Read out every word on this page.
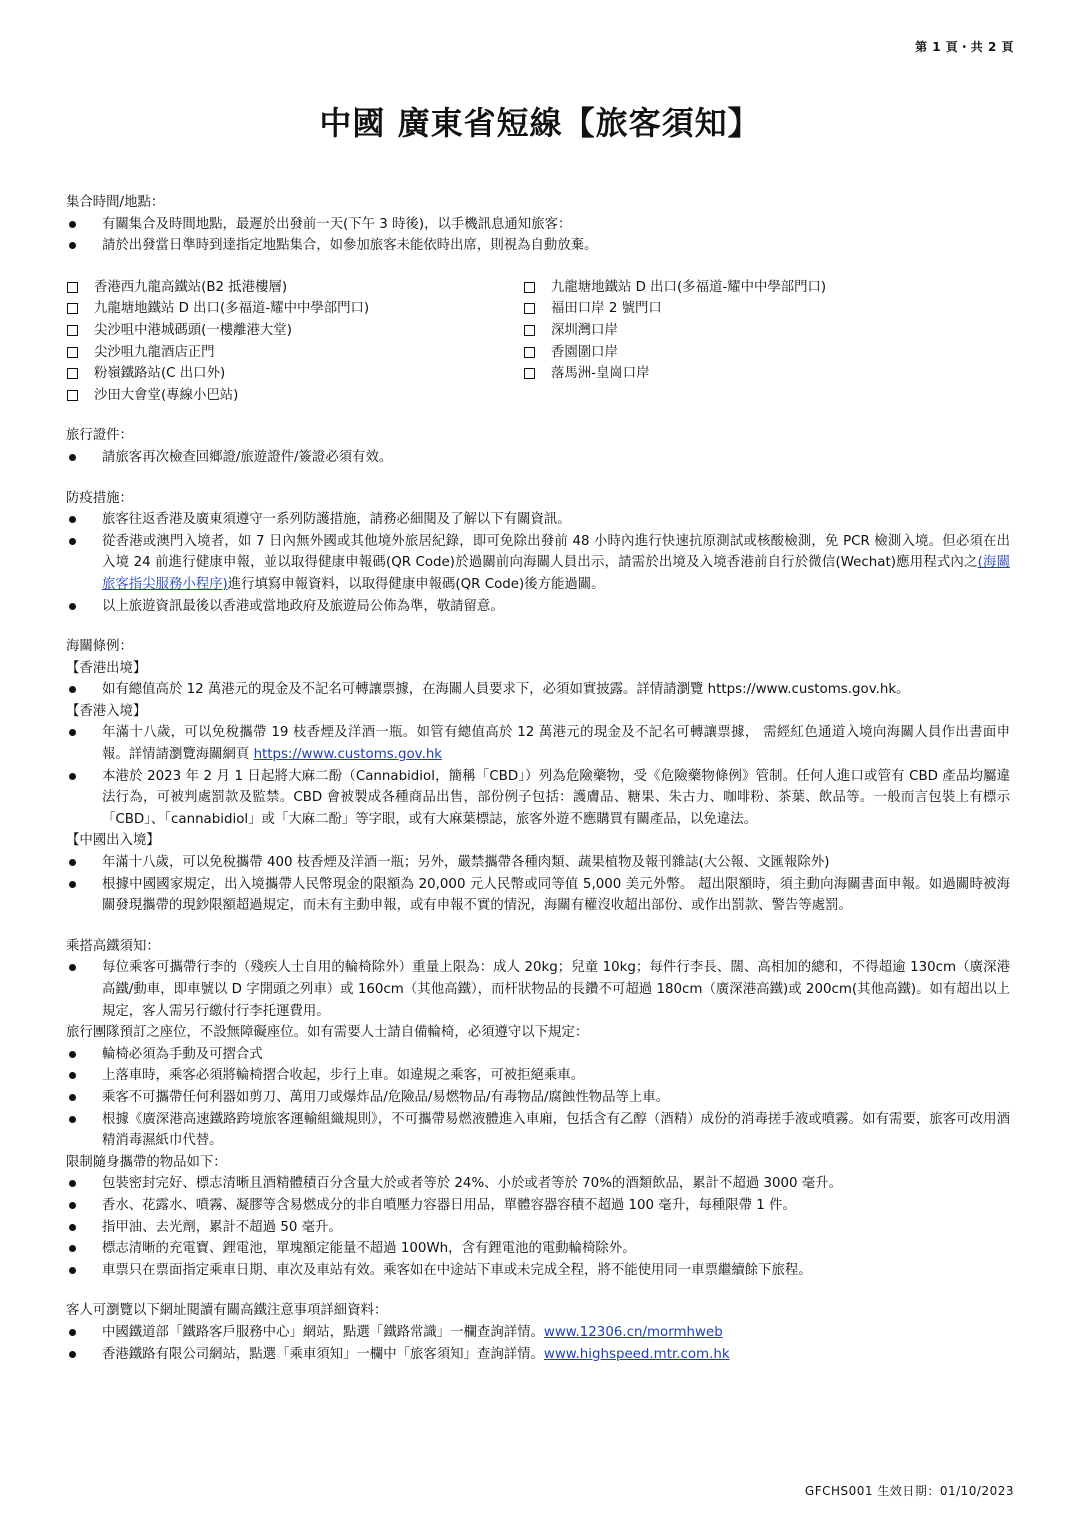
第 1 頁・共 2 頁
中國 廣東省短線【旅客須知】

集合時間/地點：

有關集合及時間地點，最遲於出發前一天(下午 3 時後)，以手機訊息通知旅客：
請於出發當日準時到達指定地點集合，如參加旅客未能依時出席，則視為自動放棄。
香港西九龍高鐵站(B2 抵港樓層)
九龍塘地鐵站 D 出口(多福道-耀中中學部門口)
尖沙咀中港城碼頭(一樓離港大堂)
尖沙咀九龍酒店正門
粉嶺鐵路站(C 出口外)
沙田大會堂(專線小巴站)
九龍塘地鐵站 D 出口(多福道-耀中中學部門口)
福田口岸 2 號門口
深圳灣口岸
香園圍口岸
落馬洲-皇崗口岸

旅行證件：

請旅客再次檢查回鄉證/旅遊證件/簽證必須有效。

防疫措施：

旅客往返香港及廣東須遵守一系列防護措施，請務必細閱及了解以下有關資訊。
從香港或澳門入境者，如 7 日內無外國或其他境外旅居紀錄，即可免除出發前 48 小時內進行快速抗原測試或核酸檢測，免 PCR 檢測入境。但必須在出入境 24 前進行健康申報，並以取得健康申報碼(QR Code)於過關前向海關人員出示，請需於出境及入境香港前自行於微信(Wechat)應用程式內之(海關旅客指尖服務小程序)進行填寫申報資料，以取得健康申報碼(QR Code)後方能過關。
以上旅遊資訊最後以香港或當地政府及旅遊局公佈為準，敬請留意。

海關條例：

【香港出境】

如有總值高於 12 萬港元的現金及不記名可轉讓票據，在海關人員要求下，必須如實披露。詳情請瀏覽 https://www.customs.gov.hk。

【香港入境】

年滿十八歲，可以免稅攜帶 19 枝香煙及洋酒一瓶。如管有總值高於 12 萬港元的現金及不記名可轉讓票據， 需經紅色通道入境向海關人員作出書面申報。詳情請瀏覽海關網頁 https://www.customs.gov.hk
本港於 2023 年 2 月 1 日起將大麻二酚（Cannabidiol，簡稱「CBD」）列為危險藥物，受《危險藥物條例》管制。任何人進口或管有 CBD 產品均屬違法行為，可被判處罰款及監禁。CBD 會被製成各種商品出售，部份例子包括：護膚品、糖果、朱古力、咖啡粉、茶葉、飲品等。一般而言包裝上有標示「CBD」、「cannabidiol」或「大麻二酚」等字眼，或有大麻葉標誌，旅客外遊不應購買有關產品，以免違法。

【中國出入境】

年滿十八歲，可以免稅攜帶 400 枝香煙及洋酒一瓶；另外，嚴禁攜帶各種肉類、蔬果植物及報刊雜誌(大公報、文匯報除外)
根據中國國家規定，出入境攜帶人民幣現金的限額為 20,000 元人民幣或同等值 5,000 美元外幣。 超出限額時，須主動向海關書面申報。如過關時被海關發現攜帶的現鈔限額超過規定，而未有主動申報，或有申報不實的情況，海關有權沒收超出部份、或作出罰款、警告等處罰。

乘搭高鐵須知：

每位乘客可攜帶行李的（殘疾人士自用的輪椅除外）重量上限為：成人 20kg；兒童 10kg；每件行李長、闊、高相加的總和，不得超逾 130cm（廣深港高鐵/動車，即車號以 D 字開頭之列車）或 160cm（其他高鐵），而杆狀物品的長鑽不可超過 180cm（廣深港高鐵)或 200cm(其他高鐵)。如有超出以上規定，客人需另行繳付行李托運費用。

旅行團隊預訂之座位，不設無障礙座位。如有需要人士請自備輪椅，必須遵守以下規定：

輪椅必須為手動及可摺合式
上落車時，乘客必須將輪椅摺合收起，步行上車。如違規之乘客，可被拒絕乘車。
乘客不可攜帶任何利器如剪刀、萬用刀或爆炸品/危險品/易燃物品/有毒物品/腐蝕性物品等上車。
根據《廣深港高速鐵路跨境旅客運輸組織規則》，不可攜帶易燃液體進入車廂，包括含有乙醇（酒精）成份的消毒搓手液或噴霧。如有需要，旅客可改用酒精消毒濕紙巾代替。

限制隨身攜帶的物品如下：

包裝密封完好、標志清晰且酒精體積百分含量大於或者等於 24%、小於或者等於 70%的酒類飲品，累計不超過 3000 毫升。
香水、花露水、噴霧、凝膠等含易燃成分的非自噴壓力容器日用品，單體容器容積不超過 100 毫升，每種限帶 1 件。
指甲油、去光劑，累計不超過 50 毫升。
標志清晰的充電寶、鋰電池，單塊額定能量不超過 100Wh，含有鋰電池的電動輪椅除外。
車票只在票面指定乘車日期、車次及車站有效。乘客如在中途站下車或未完成全程，將不能使用同一車票繼續餘下旅程。

客人可瀏覽以下網址閱讀有關高鐵注意事項詳細資料：

中國鐵道部「鐵路客戶服務中心」網站，點選「鐵路常識」一欄查詢詳情。www.12306.cn/mormhweb
香港鐵路有限公司網站，點選「乘車須知」一欄中「旅客須知」查詢詳情。www.highspeed.mtr.com.hk
GFCHS001 生效日期：01/10/2023
